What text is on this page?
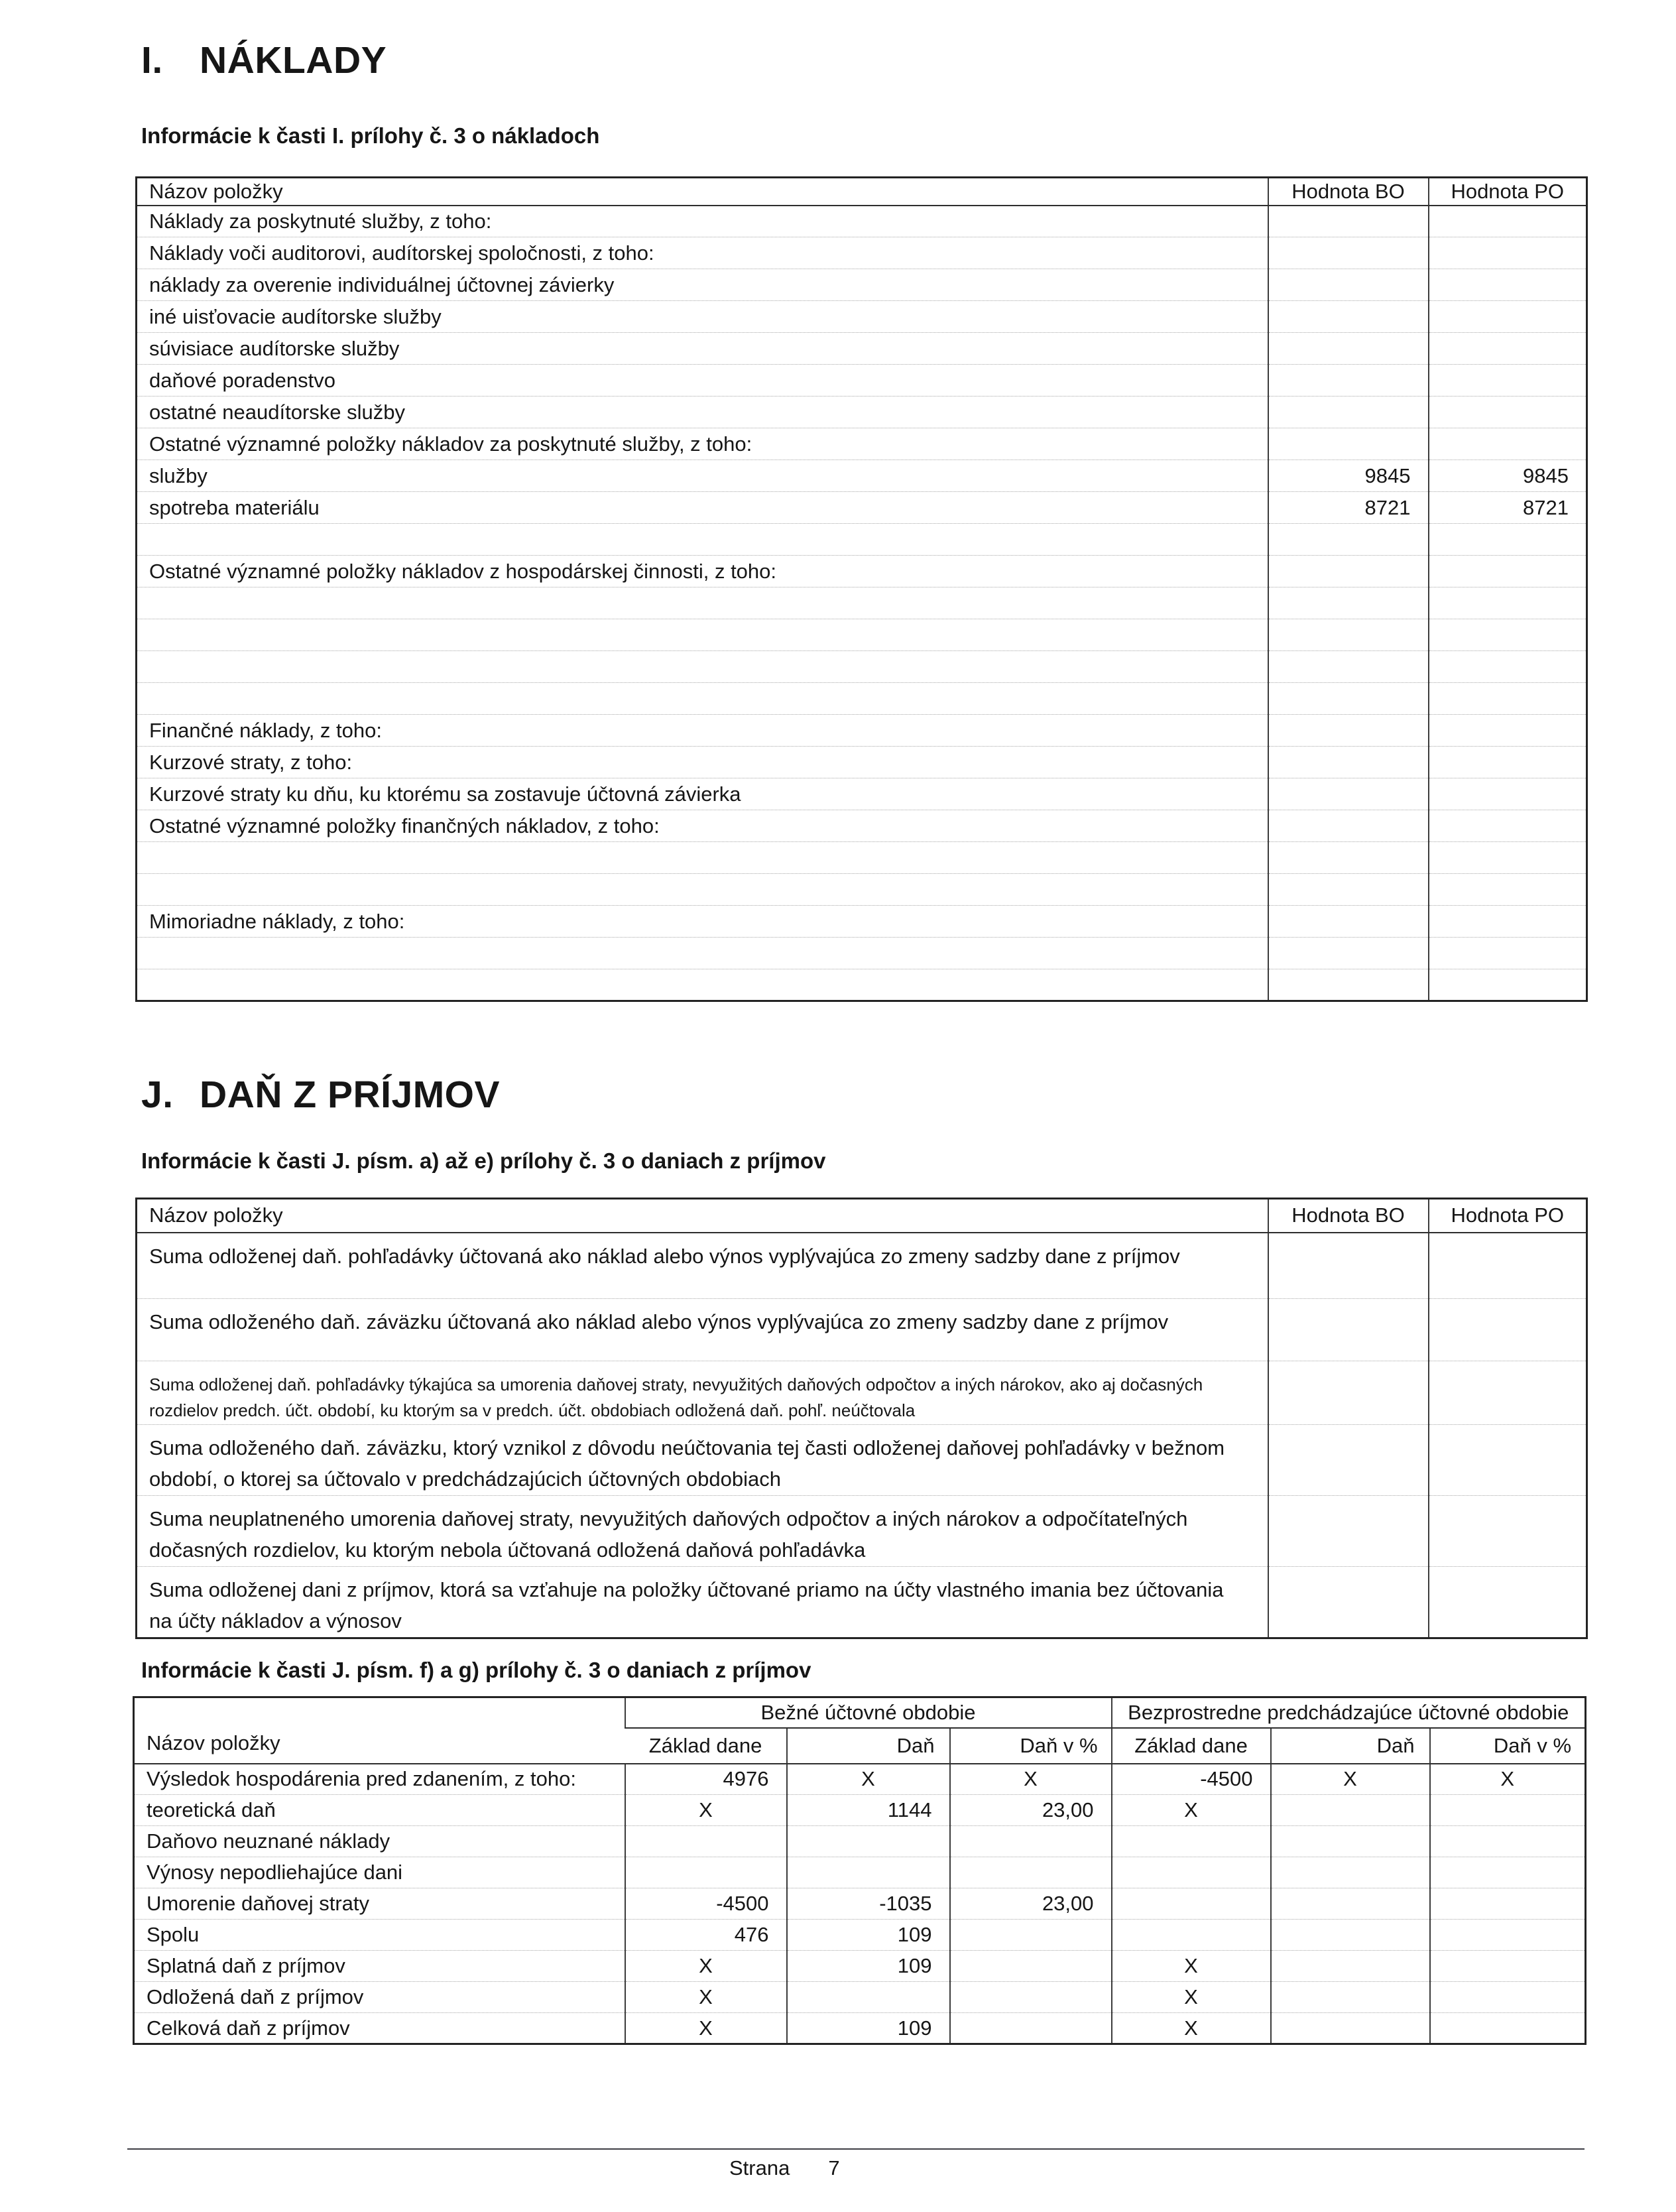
I. NÁKLADY
Informácie k časti I. prílohy č. 3 o nákladoch
Názov položky	Hodnota BO	Hodnota PO
Náklady za poskytnuté služby, z toho:		
Náklady voči auditorovi, audítorskej spoločnosti, z toho:		
náklady za overenie individuálnej účtovnej závierky		
iné uisťovacie audítorske služby		
súvisiace audítorske služby		
daňové poradenstvo		
ostatné neaudítorske služby		
Ostatné významné položky nákladov za poskytnuté služby, z toho:		
služby	9845	9845
spotreba materiálu	8721	8721

Ostatné významné položky nákladov z hospodárskej činnosti, z toho:		

Finančné náklady, z toho:		
Kurzové straty, z toho:		
Kurzové straty ku dňu, ku ktorému sa zostavuje účtovná závierka		
Ostatné významné položky finančných nákladov, z toho:		

Mimoriadne náklady, z toho:		

J. DAŇ Z PRÍJMOV
Informácie k časti J. písm. a) až e) prílohy č. 3 o daniach z príjmov
Názov položky	Hodnota BO	Hodnota PO
Suma odloženej daň. pohľadávky účtovaná ako náklad alebo výnos vyplývajúca zo zmeny sadzby dane z príjmov		
Suma odloženého daň. záväzku účtovaná ako náklad alebo výnos vyplývajúca zo zmeny sadzby dane z príjmov		
Suma odloženej daň. pohľadávky týkajúca sa umorenia daňovej straty, nevyužitých daňových odpočtov a iných nárokov, ako aj dočasných rozdielov predch. účt. období, ku ktorým sa v predch. účt. obdobiach odložená daň. pohľ. neúčtovala		
Suma odloženého daň. záväzku, ktorý vznikol z dôvodu neúčtovania tej časti odloženej daňovej pohľadávky v bežnom období, o ktorej sa účtovalo v predchádzajúcich účtovných obdobiach		
Suma neuplatneného umorenia daňovej straty, nevyužitých daňových odpočtov a iných nárokov a odpočítateľných dočasných rozdielov, ku ktorým nebola účtovaná odložená daňová pohľadávka		
Suma odloženej dani z príjmov, ktorá sa vzťahuje na položky účtované priamo na účty vlastného imania bez účtovania na účty nákladov a výnosov		
Informácie k časti J. písm. f) a g) prílohy č. 3 o daniach z príjmov
Názov položky	Bežné účtovné obdobie			Bezprostredne predchádzajúce účtovné obdobie		
	Základ dane	Daň	Daň v %	Základ dane	Daň	Daň v %
Výsledok hospodárenia pred zdanením, z toho:	4976	X	X	-4500	X	X
teoretická daň	X	1144	23,00	X		
Daňovo neuznané náklady						
Výnosy nepodliehajúce dani						
Umorenie daňovej straty	-4500	-1035	23,00			
Spolu	476	109				
Splatná daň z príjmov	X	109		X		
Odložená daň z príjmov	X			X		
Celková daň z príjmov	X	109		X		
Strana 7
